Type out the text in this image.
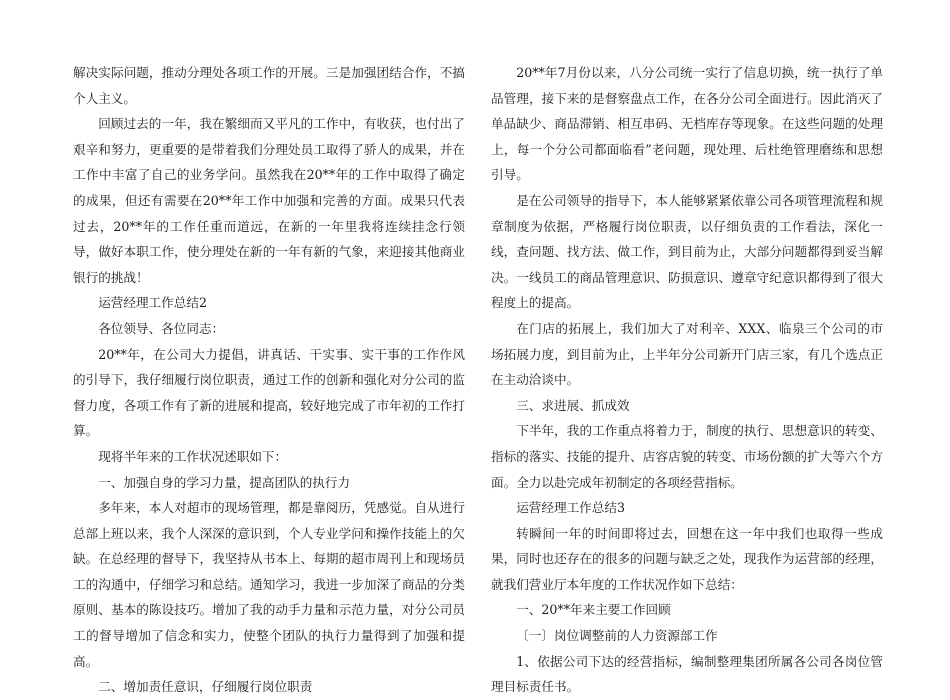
解决实际问题，推动分理处各项工作的开展。三是加强团结合作，不搞个人主义。

回顾过去的一年，我在繁细而又平凡的工作中，有收获，也付出了艰辛和努力，更重要的是带着我们分理处员工取得了骄人的成果，并在工作中丰富了自己的业务学问。虽然我在20**年的工作中取得了确定的成果，但还有需要在20**年工作中加强和完善的方面。成果只代表过去，20**年的工作任重而道远，在新的一年里我将连续挂念行领导，做好本职工作，使分理处在新的一年有新的气象，来迎接其他商业银行的挑战！

运营经理工作总结2

各位领导、各位同志：

20**年，在公司大力提倡，讲真话、干实事、实干事的工作作风的引导下，我仔细履行岗位职责，通过工作的创新和强化对分公司的监督力度，各项工作有了新的进展和提高，较好地完成了市年初的工作打算。

现将半年来的工作状况述职如下：

一、加强自身的学习力量，提高团队的执行力

多年来，本人对超市的现场管理，都是靠阅历，凭感觉。自从进行总部上班以来，我个人深深的意识到，个人专业学问和操作技能上的欠缺。在总经理的督导下，我坚持从书本上、每期的超市周刊上和现场员工的沟通中，仔细学习和总结。通知学习，我进一步加深了商品的分类原则、基本的陈设技巧。增加了我的动手力量和示范力量，对分公司员工的督导增加了信念和实力，使整个团队的执行力量得到了加强和提高。

二、增加责任意识，仔细履行岗位职责

20**年7月份以来，八分公司统一实行了信息切换，统一执行了单品管理，接下来的是督察盘点工作，在各分公司全面进行。因此消灭了单品缺少、商品滞销、相互串码、无档库存等现象。在这些问题的处理上，每一个分公司都面临看”老问题，现处理、后杜绝管理磨练和思想引导。

是在公司领导的指导下，本人能够紧紧依靠公司各项管理流程和规章制度为依据，严格履行岗位职责，以仔细负责的工作看法，深化一线，查问题、找方法、做工作，到目前为止，大部分问题都得到妥当解决。一线员工的商品管理意识、防损意识、遵章守纪意识都得到了很大程度上的提高。

在门店的拓展上，我们加大了对利辛、XXX、临泉三个公司的市场拓展力度，到目前为止，上半年分公司新开门店三家，有几个选点正在主动洽谈中。

三、求进展、抓成效

下半年，我的工作重点将着力于，制度的执行、思想意识的转变、指标的落实、技能的提升、店容店貌的转变、市场份额的扩大等六个方面。全力以赴完成年初制定的各项经营指标。

运营经理工作总结3

转瞬间一年的时间即将过去，回想在这一年中我们也取得一些成果，同时也还存在的很多的问题与缺乏之处，现我作为运营部的经理，就我们营业厅本年度的工作状况作如下总结：

一、20**年来主要工作回顾

〔一〕岗位调整前的人力资源部工作

1、依据公司下达的经营指标，编制整理集团所属各公司各岗位管理目标责任书。
